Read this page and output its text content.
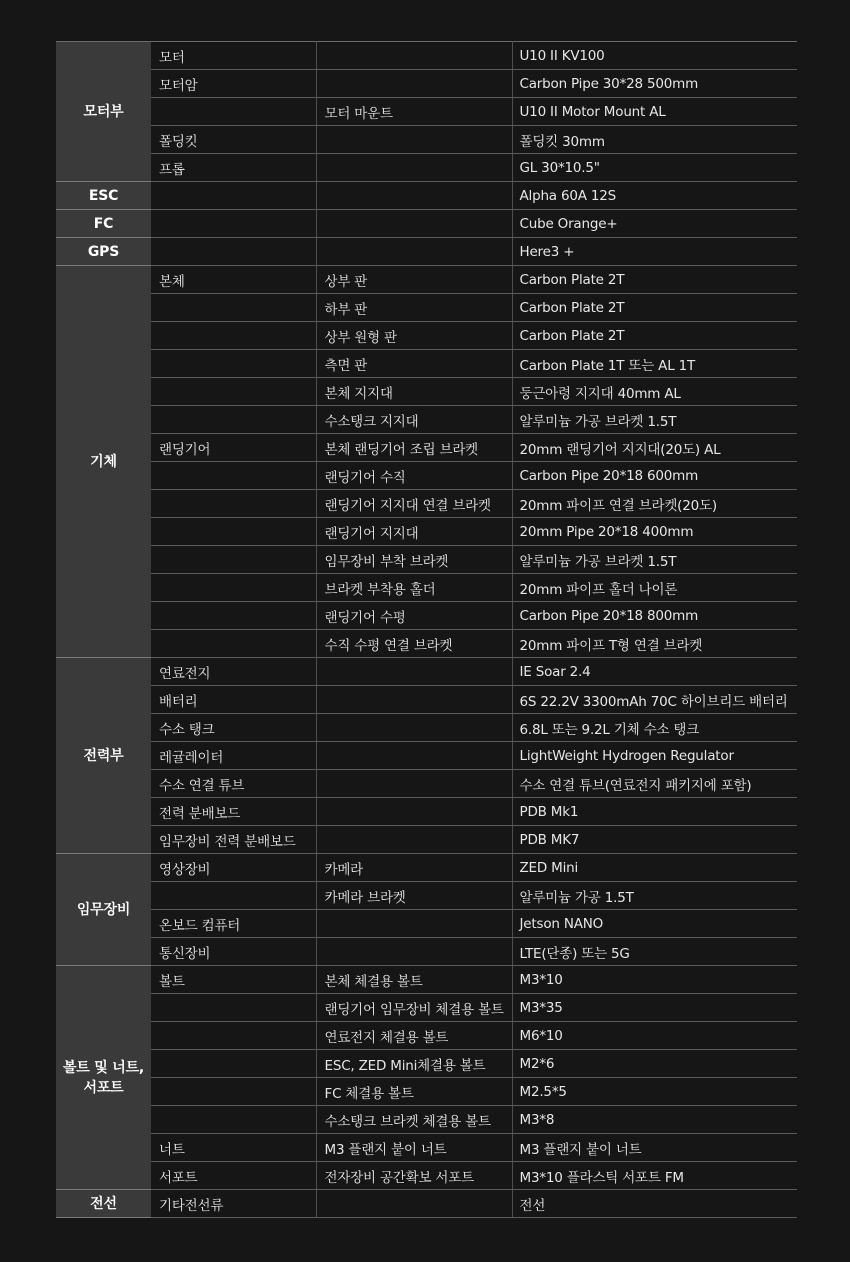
모터부	모터		U10 II KV100
	모터암		Carbon Pipe 30*28 500mm
		모터 마운트	U10 II Motor Mount AL
	폴딩킷		폴딩킷 30mm
	프롭		GL 30*10.5"
ESC			Alpha 60A 12S
FC			Cube Orange+
GPS			Here3 +
기체	본체	상부 판	Carbon Plate 2T
		하부 판	Carbon Plate 2T
		상부 원형 판	Carbon Plate 2T
		측면 판	Carbon Plate 1T 또는 AL 1T
		본체 지지대	둥근아령 지지대 40mm AL
		수소탱크 지지대	알루미늄 가공 브라켓 1.5T
	랜딩기어	본체 랜딩기어 조립 브라켓	20mm 랜딩기어 지지대(20도) AL
		랜딩기어 수직	Carbon Pipe 20*18 600mm
		랜딩기어 지지대 연결 브라켓	20mm 파이프 연결 브라켓(20도)
		랜딩기어 지지대	20mm Pipe 20*18 400mm
		임무장비 부착 브라켓	알루미늄 가공 브라켓 1.5T
		브라켓 부착용 홀더	20mm 파이프 홀더 나이론
		랜딩기어 수평	Carbon Pipe 20*18 800mm
		수직 수평 연결 브라켓	20mm 파이프 T형 연결 브라켓
전력부	연료전지		IE Soar 2.4
	배터리		6S 22.2V 3300mAh 70C 하이브리드 배터리
	수소 탱크		6.8L 또는 9.2L 기체 수소 탱크
	레귤레이터		LightWeight Hydrogen Regulator
	수소 연결 튜브		수소 연결 튜브(연료전지 패키지에 포함)
	전력 분배보드		PDB Mk1
	임무장비 전력 분배보드		PDB MK7
임무장비	영상장비	카메라	ZED Mini
		카메라 브라켓	알루미늄 가공 1.5T
	온보드 컴퓨터		Jetson NANO
	통신장비		LTE(단종) 또는 5G
볼트 및 너트, 서포트	볼트	본체 체결용 볼트	M3*10
		랜딩기어 임무장비 체결용 볼트	M3*35
		연료전지 체결용 볼트	M6*10
		ESC, ZED Mini체결용 볼트	M2*6
		FC 체결용 볼트	M2.5*5
		수소탱크 브라켓 체결용 볼트	M3*8
	너트	M3 플랜지 붙이 너트	M3 플랜지 붙이 너트
	서포트	전자장비 공간확보 서포트	M3*10 플라스틱 서포트 FM
전선	기타전선류		전선
